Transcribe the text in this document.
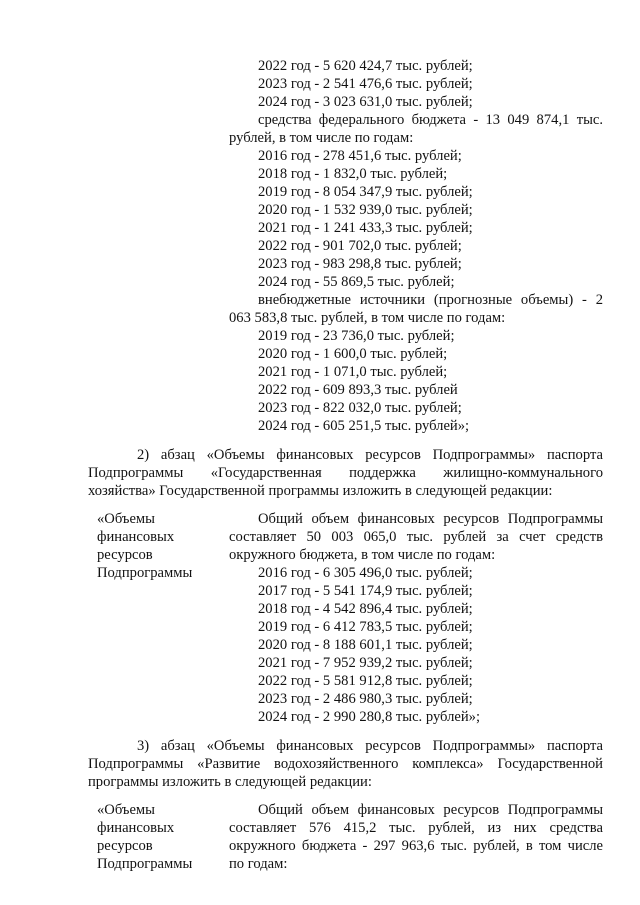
2022 год - 5 620 424,7 тыс. рублей;
2023 год - 2 541 476,6 тыс. рублей;
2024 год - 3 023 631,0 тыс. рублей;
средства федерального бюджета - 13 049 874,1 тыс.
рублей, в том числе по годам:
2016 год - 278 451,6 тыс. рублей;
2018 год - 1 832,0 тыс. рублей;
2019 год - 8 054 347,9 тыс. рублей;
2020 год - 1 532 939,0 тыс. рублей;
2021 год - 1 241 433,3 тыс. рублей;
2022 год - 901 702,0 тыс. рублей;
2023 год - 983 298,8 тыс. рублей;
2024 год - 55 869,5 тыс. рублей;
внебюджетные источники (прогнозные объемы) - 2
063 583,8 тыс. рублей, в том числе по годам:
2019 год - 23 736,0 тыс. рублей;
2020 год - 1 600,0 тыс. рублей;
2021 год - 1 071,0 тыс. рублей;
2022 год - 609 893,3 тыс. рублей
2023 год - 822 032,0 тыс. рублей;
2024 год - 605 251,5 тыс. рублей»;
2) абзац «Объемы финансовых ресурсов Подпрограммы» паспорта
Подпрограммы «Государственная поддержка жилищно-коммунального
хозяйства» Государственной программы изложить в следующей редакции:
«Объемы
финансовых
ресурсов
Подпрограммы
Общий объем финансовых ресурсов Подпрограммы
составляет 50 003 065,0 тыс. рублей за счет средств
окружного бюджета, в том числе по годам:
2016 год - 6 305 496,0 тыс. рублей;
2017 год - 5 541 174,9 тыс. рублей;
2018 год - 4 542 896,4 тыс. рублей;
2019 год - 6 412 783,5 тыс. рублей;
2020 год - 8 188 601,1 тыс. рублей;
2021 год - 7 952 939,2 тыс. рублей;
2022 год - 5 581 912,8 тыс. рублей;
2023 год - 2 486 980,3 тыс. рублей;
2024 год - 2 990 280,8 тыс. рублей»;
3) абзац «Объемы финансовых ресурсов Подпрограммы» паспорта
Подпрограммы «Развитие водохозяйственного комплекса» Государственной
программы изложить в следующей редакции:
«Объемы
финансовых
ресурсов
Подпрограммы
Общий объем финансовых ресурсов Подпрограммы
составляет 576 415,2 тыс. рублей, из них средства
окружного бюджета - 297 963,6 тыс. рублей, в том числе
по годам:
